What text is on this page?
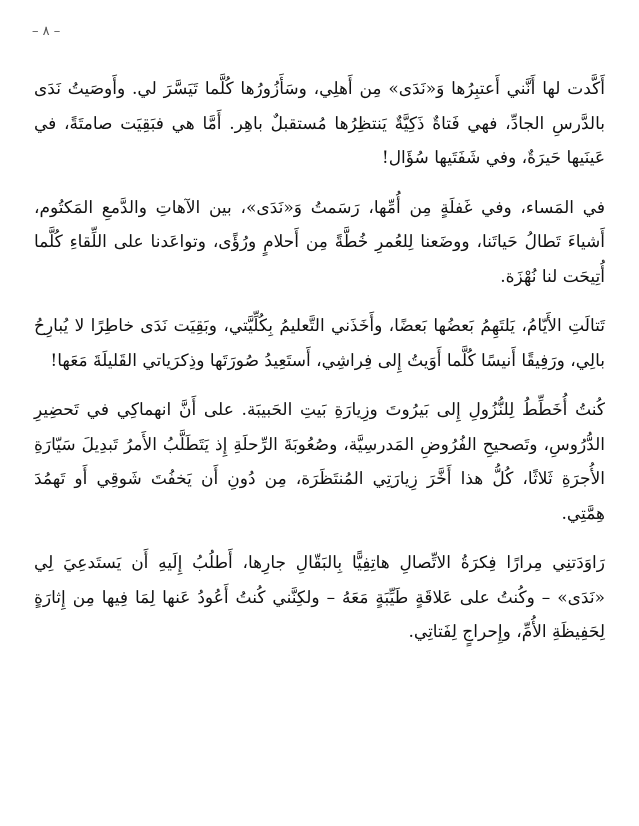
– ٨ –

أَكَّدت لها أَنَّني أَعتبِرُها وَ«نَدَى» مِن أَهلِي، وسَأَزُورُها كُلَّما تَيَسَّرَ لي. وأَوصَيتُ نَدَى بالدَّرسِ الجادِّ، فهي فَتاةٌ ذَكِيَّةٌ يَنتظِرُها مُستقبلٌ باهِر. أَمَّا هي فبَقِيَت صامتَةً، في عَينَيها حَيرَةٌ، وفي شَفَتَيها سُؤَال!

في المَساء، وفي غَفلَةٍ مِن أُمِّها، رَسَمتُ وَ«نَدَى»، بين الآهاتِ والدَّمعِ المَكتُوم، أَشياءَ تَطالُ حَياتَنا، ووضَعنا لِلعُمرِ خُطَّةً مِن أَحلامٍ ورُؤًى، وتواعَدنا على اللِّقاءِ كُلَّما أُتِيحَت لنا نُهْزَة.

تَتالَتِ الأَيّامُ، يَلتَهِمُ بَعضُها بَعضًا، وأَخَذَني التَّعليمُ بِكُلِّيَّتي، وبَقِيَت نَدَى خاطِرًا لا يُبارِحُ بالِي، ورَفِيقًا أَنيسًا كُلَّما أَوَيتُ إِلى فِراشِي، أَستَعِيدُ صُورَتَها وذِكرَياتي القَليلَةَ مَعَها!

كُنتُ أُخَطِّطُ لِلنُّزُولِ إِلى بَيرُوتَ وزِيارَةِ بَيتِ الحَبيبَة. على أَنَّ انهماكِي في تَحضِيرِ الدُّرُوسِ، وتَصحيحِ الفُرُوضِ المَدرسِيَّة، وصُعُوبَةَ الرِّحلَةِ إِذ يَتَطَلَّبُ الأَمرُ تَبدِيلَ سَيّارَةِ الأُجرَةِ ثَلاثًا، كُلُّ هذا أَخَّرَ زِيارَتِي المُنتَظَرَة، مِن دُونِ أَن يَخفُتَ شَوقِي أَو تَهمُدَ هِمَّتِي.

رَاوَدَتنِي مِرارًا فِكرَةُ الاتِّصالِ هاتِفِيًّا بِالبَقّالِ جارِها، أَطلُبُ إِلَيهِ أَن يَستَدعِيَ لِي «نَدَى» – وكُنتُ على عَلاقَةٍ طَيِّبَةٍ مَعَهُ – ولكِنَّني كُنتُ أَعُودُ عَنها لِمَا فِيها مِن إِثارَةٍ لِحَفِيظَةِ الأُمِّ، وإِحراجٍ لِفَتاتِي.
